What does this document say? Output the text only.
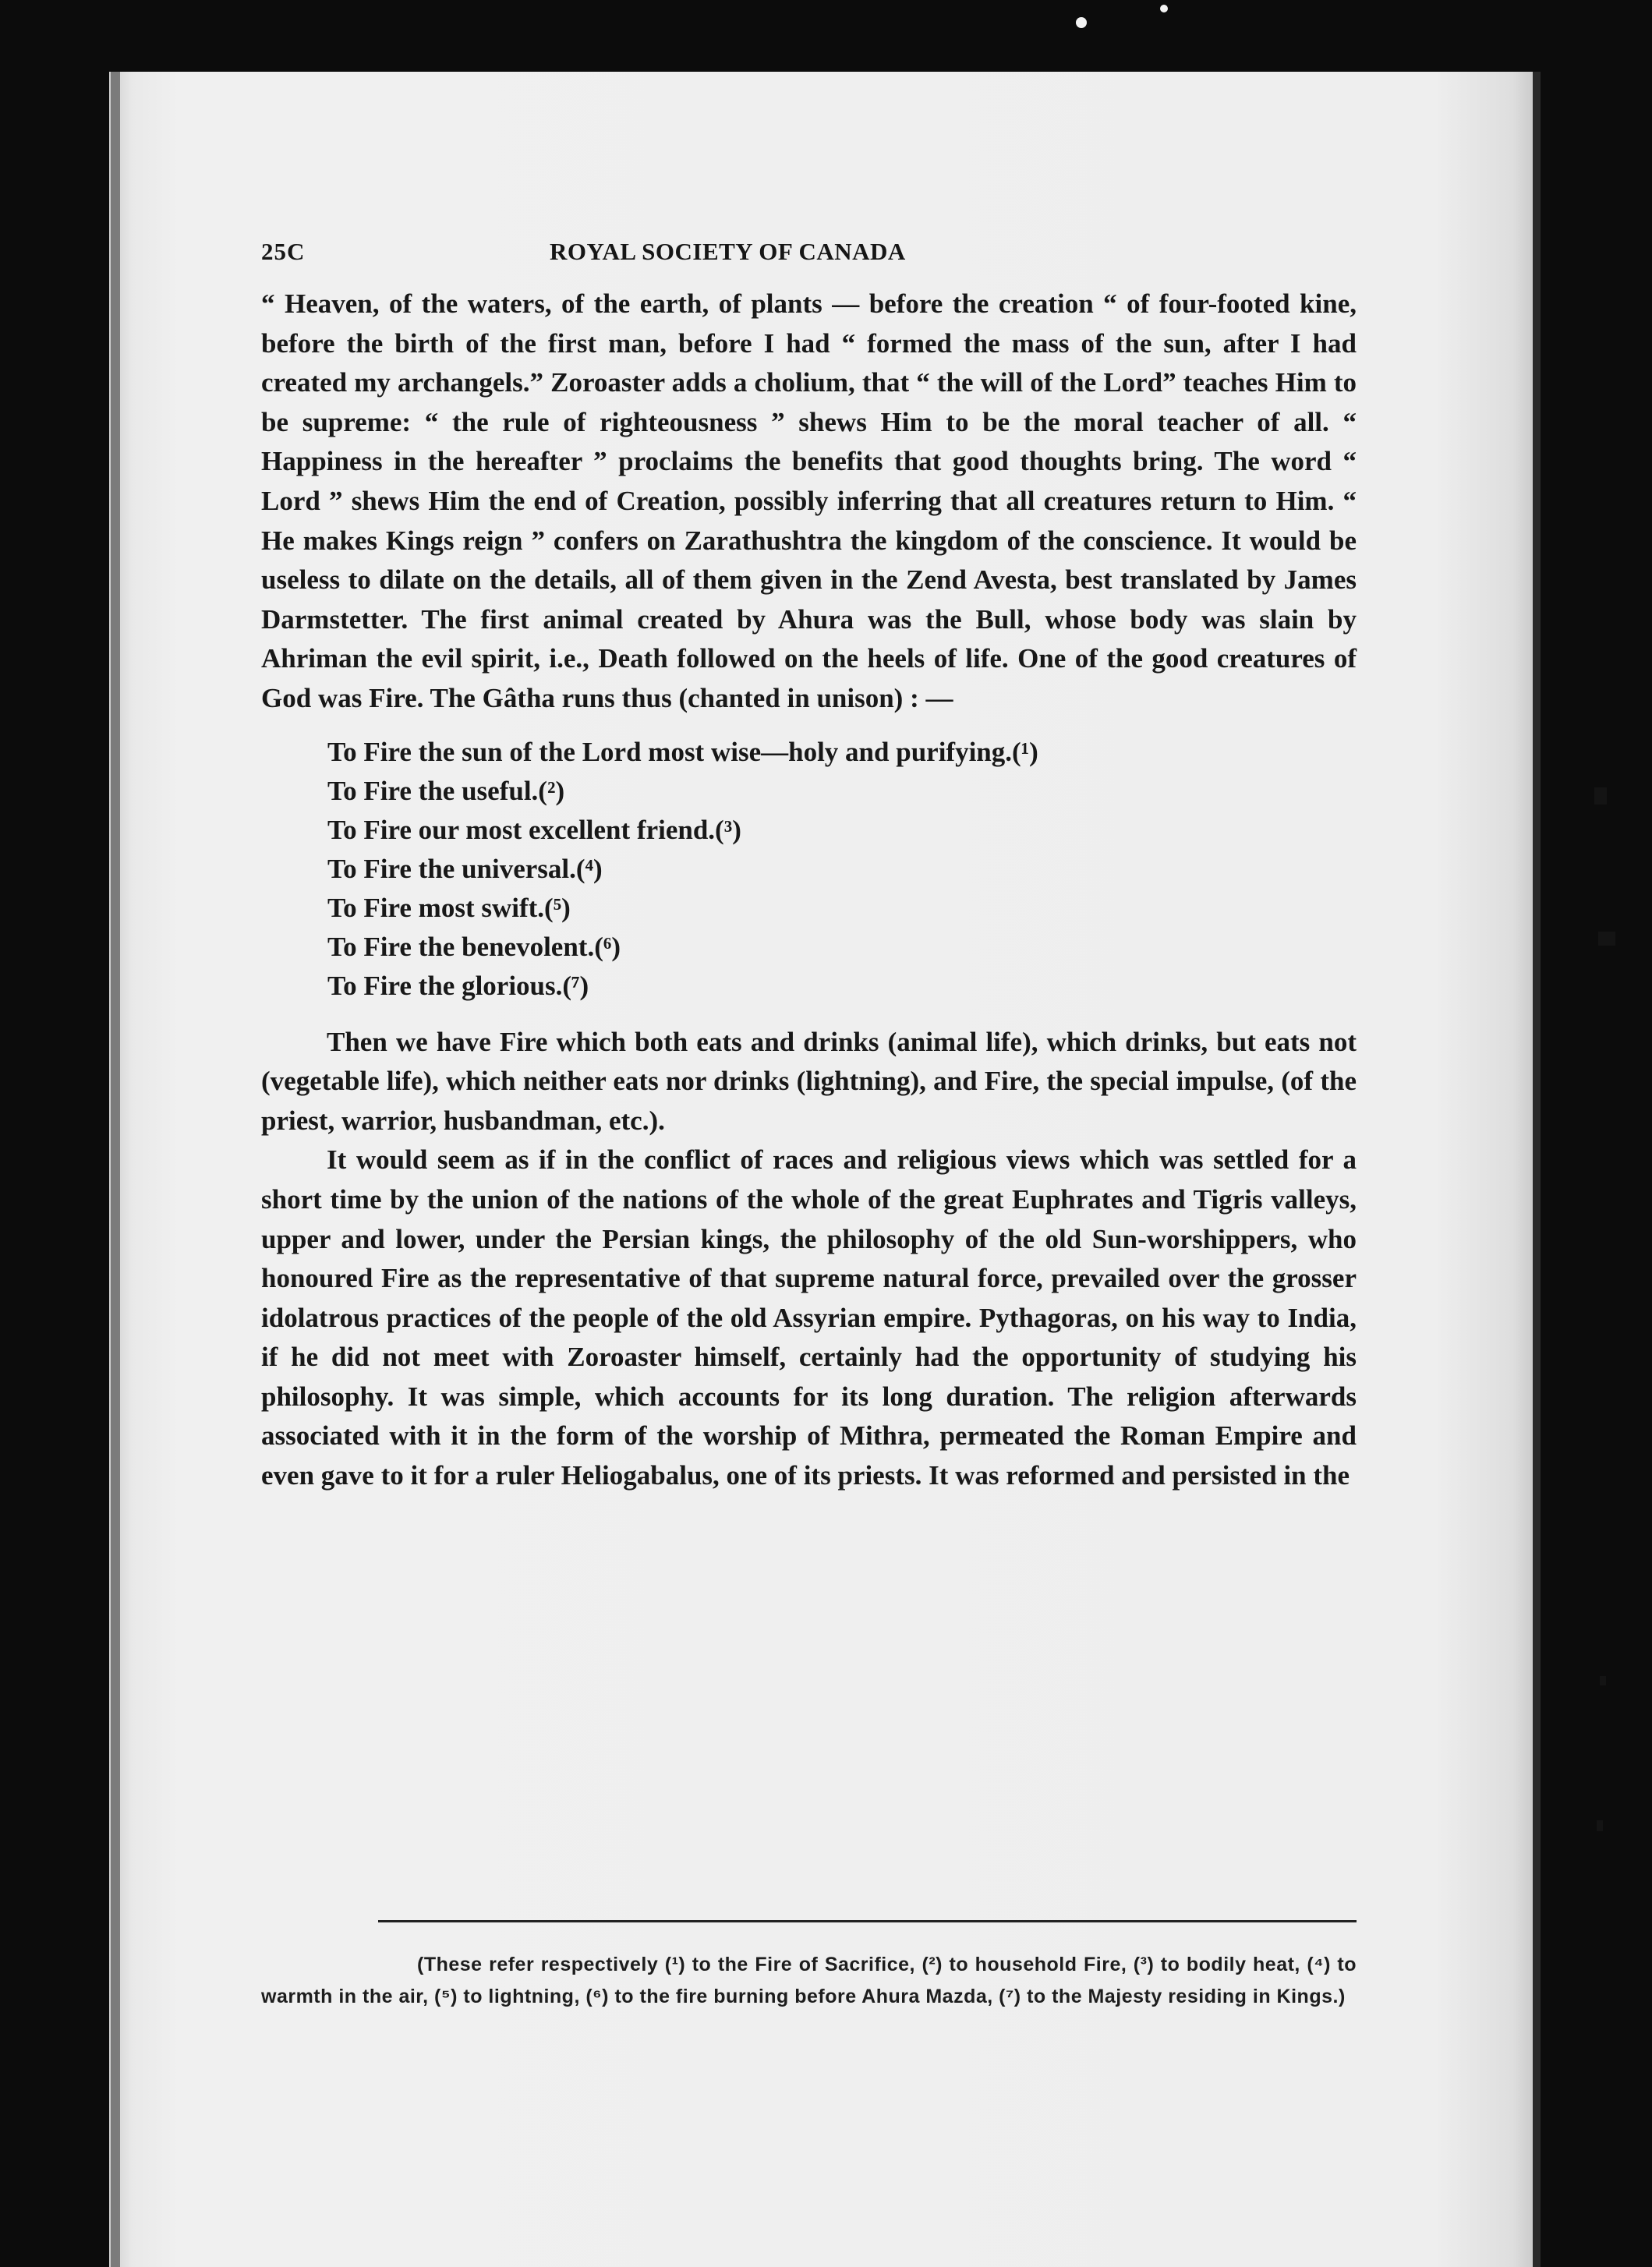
25C	ROYAL SOCIETY OF CANADA

“ Heaven, of the waters, of the earth, of plants — before the creation “ of four-footed kine, before the birth of the first man, before I had “ formed the mass of the sun, after I had created my archangels.” Zoroaster adds a cholium, that “ the will of the Lord” teaches Him to be supreme: “ the rule of righteousness ” shews Him to be the moral teacher of all. “ Happiness in the hereafter ” proclaims the benefits that good thoughts bring. The word “ Lord ” shews Him the end of Creation, possibly inferring that all creatures return to Him. “ He makes Kings reign ” confers on Zarathushtra the kingdom of the conscience. It would be useless to dilate on the details, all of them given in the Zend Avesta, best translated by James Darmstetter. The first animal created by Ahura was the Bull, whose body was slain by Ahriman the evil spirit, i.e., Death followed on the heels of life. One of the good creatures of God was Fire. The Gâtha runs thus (chanted in unison) : —

To Fire the sun of the Lord most wise—holy and purifying.(¹)
To Fire the useful.(²)
To Fire our most excellent friend.(³)
To Fire the universal.(⁴)
To Fire most swift.(⁵)
To Fire the benevolent.(⁶)
To Fire the glorious.(⁷)

Then we have Fire which both eats and drinks (animal life), which drinks, but eats not (vegetable life), which neither eats nor drinks (lightning), and Fire, the special impulse, (of the priest, warrior, husbandman, etc.).

It would seem as if in the conflict of races and religious views which was settled for a short time by the union of the nations of the whole of the great Euphrates and Tigris valleys, upper and lower, under the Persian kings, the philosophy of the old Sun-worshippers, who honoured Fire as the representative of that supreme natural force, prevailed over the grosser idolatrous practices of the people of the old Assyrian empire. Pythagoras, on his way to India, if he did not meet with Zoroaster himself, certainly had the opportunity of studying his philosophy. It was simple, which accounts for its long duration. The religion afterwards associated with it in the form of the worship of Mithra, permeated the Roman Empire and even gave to it for a ruler Heliogabalus, one of its priests. It was reformed and persisted in the

(These refer respectively (¹) to the Fire of Sacrifice, (²) to household Fire, (³) to bodily heat, (⁴) to warmth in the air, (⁵) to lightning, (⁶) to the fire burning before Ahura Mazda, (⁷) to the Majesty residing in Kings.)
